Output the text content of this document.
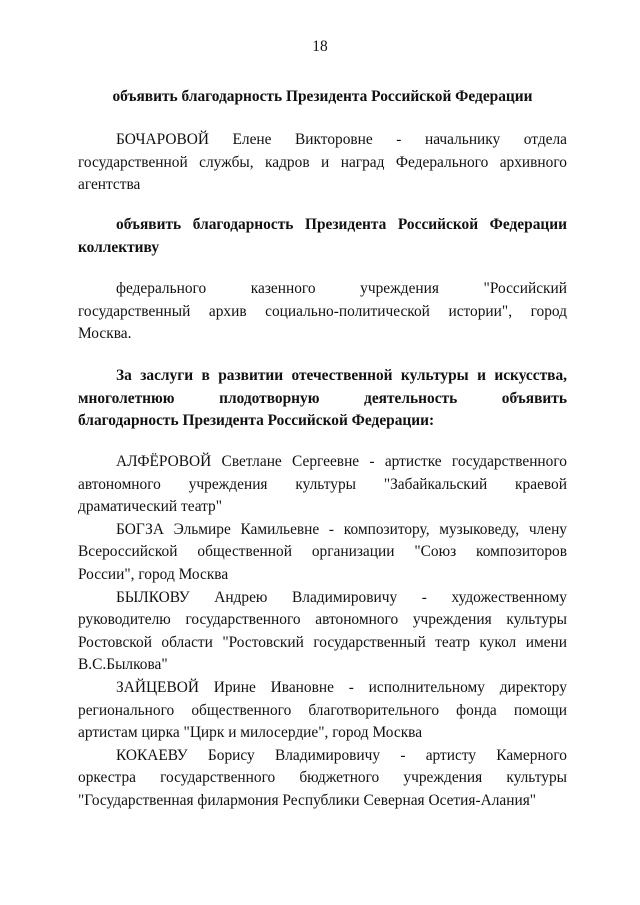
18
объявить благодарность Президента Российской Федерации
БОЧАРОВОЙ Елене Викторовне - начальнику отдела
государственной службы, кадров и наград Федерального архивного
агентства
объявить благодарность Президента Российской Федерации
коллективу
федерального казенного учреждения "Российский
государственный архив социально-политической истории", город
Москва.
За заслуги в развитии отечественной культуры и искусства,
многолетнюю плодотворную деятельность объявить
благодарность Президента Российской Федерации:
АЛФЁРОВОЙ Светлане Сергеевне - артистке государственного
автономного учреждения культуры "Забайкальский краевой
драматический театр"
БОГЗА Эльмире Камильевне - композитору, музыковеду, члену
Всероссийской общественной организации "Союз композиторов
России", город Москва
БЫЛКОВУ Андрею Владимировичу - художественному
руководителю государственного автономного учреждения культуры
Ростовской области "Ростовский государственный театр кукол имени
В.С.Былкова"
ЗАЙЦЕВОЙ Ирине Ивановне - исполнительному директору
регионального общественного благотворительного фонда помощи
артистам цирка "Цирк и милосердие", город Москва
КОКАЕВУ Борису Владимировичу - артисту Камерного
оркестра государственного бюджетного учреждения культуры
"Государственная филармония Республики Северная Осетия-Алания"
